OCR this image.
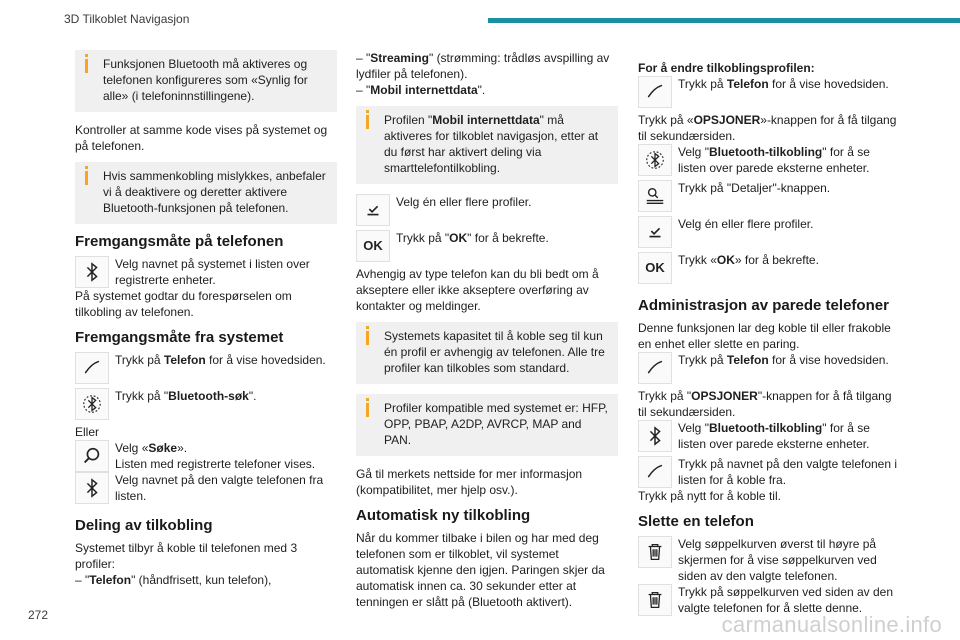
3D Tilkoblet Navigasjon

Funksjonen Bluetooth må aktiveres og telefonen konfigureres som «Synlig for alle» (i telefoninnstillingene).

Kontroller at samme kode vises på systemet og på telefonen.

Hvis sammenkobling mislykkes, anbefaler vi å deaktivere og deretter aktivere Bluetooth-funksjonen på telefonen.

Fremgangsmåte på telefonen

Velg navnet på systemet i listen over registrerte enheter.

På systemet godtar du forespørselen om tilkobling av telefonen.

Fremgangsmåte fra systemet

Trykk på Telefon for å vise hovedsiden.

Trykk på "Bluetooth-søk".

Eller

Velg «Søke».
Listen med registrerte telefoner vises.

Velg navnet på den valgte telefonen fra listen.

Deling av tilkobling

Systemet tilbyr å koble til telefonen med 3 profiler:

– "Telefon" (håndfrisett, kun telefon),

– "Streaming" (strømming: trådløs avspilling av lydfiler på telefonen).

– "Mobil internettdata".

Profilen "Mobil internettdata" må aktiveres for tilkoblet navigasjon, etter at du først har aktivert deling via smarttelefontilkobling.

Velg én eller flere profiler.

OK	Trykk på "OK" for å bekrefte.

Avhengig av type telefon kan du bli bedt om å akseptere eller ikke akseptere overføring av kontakter og meldinger.

Systemets kapasitet til å koble seg til kun én profil er avhengig av telefonen. Alle tre profiler kan tilkobles som standard.

Profiler kompatible med systemet er: HFP, OPP, PBAP, A2DP, AVRCP, MAP and PAN.

Gå til merkets nettside for mer informasjon (kompatibilitet, mer hjelp osv.).

Automatisk ny tilkobling

Når du kommer tilbake i bilen og har med deg telefonen som er tilkoblet, vil systemet automatisk kjenne den igjen. Paringen skjer da automatisk innen ca. 30 sekunder etter at tenningen er slått på (Bluetooth aktivert).

For å endre tilkoblingsprofilen:

Trykk på Telefon for å vise hovedsiden.

Trykk på «OPSJONER»-knappen for å få tilgang til sekundærsiden.

Velg "Bluetooth-tilkobling" for å se listen over parede eksterne enheter.

Trykk på "Detaljer"-knappen.

Velg én eller flere profiler.

OK	Trykk «OK» for å bekrefte.

Administrasjon av parede telefoner

Denne funksjonen lar deg koble til eller frakoble en enhet eller slette en paring.

Trykk på Telefon for å vise hovedsiden.

Trykk på "OPSJONER"-knappen for å få tilgang til sekundærsiden.

Velg "Bluetooth-tilkobling" for å se listen over parede eksterne enheter.

Trykk på navnet på den valgte telefonen i listen for å koble fra.

Trykk på nytt for å koble til.

Slette en telefon

Velg søppelkurven øverst til høyre på skjermen for å vise søppelkurven ved siden av den valgte telefonen.

Trykk på søppelkurven ved siden av den valgte telefonen for å slette denne.

272	carmanualsonline.info
